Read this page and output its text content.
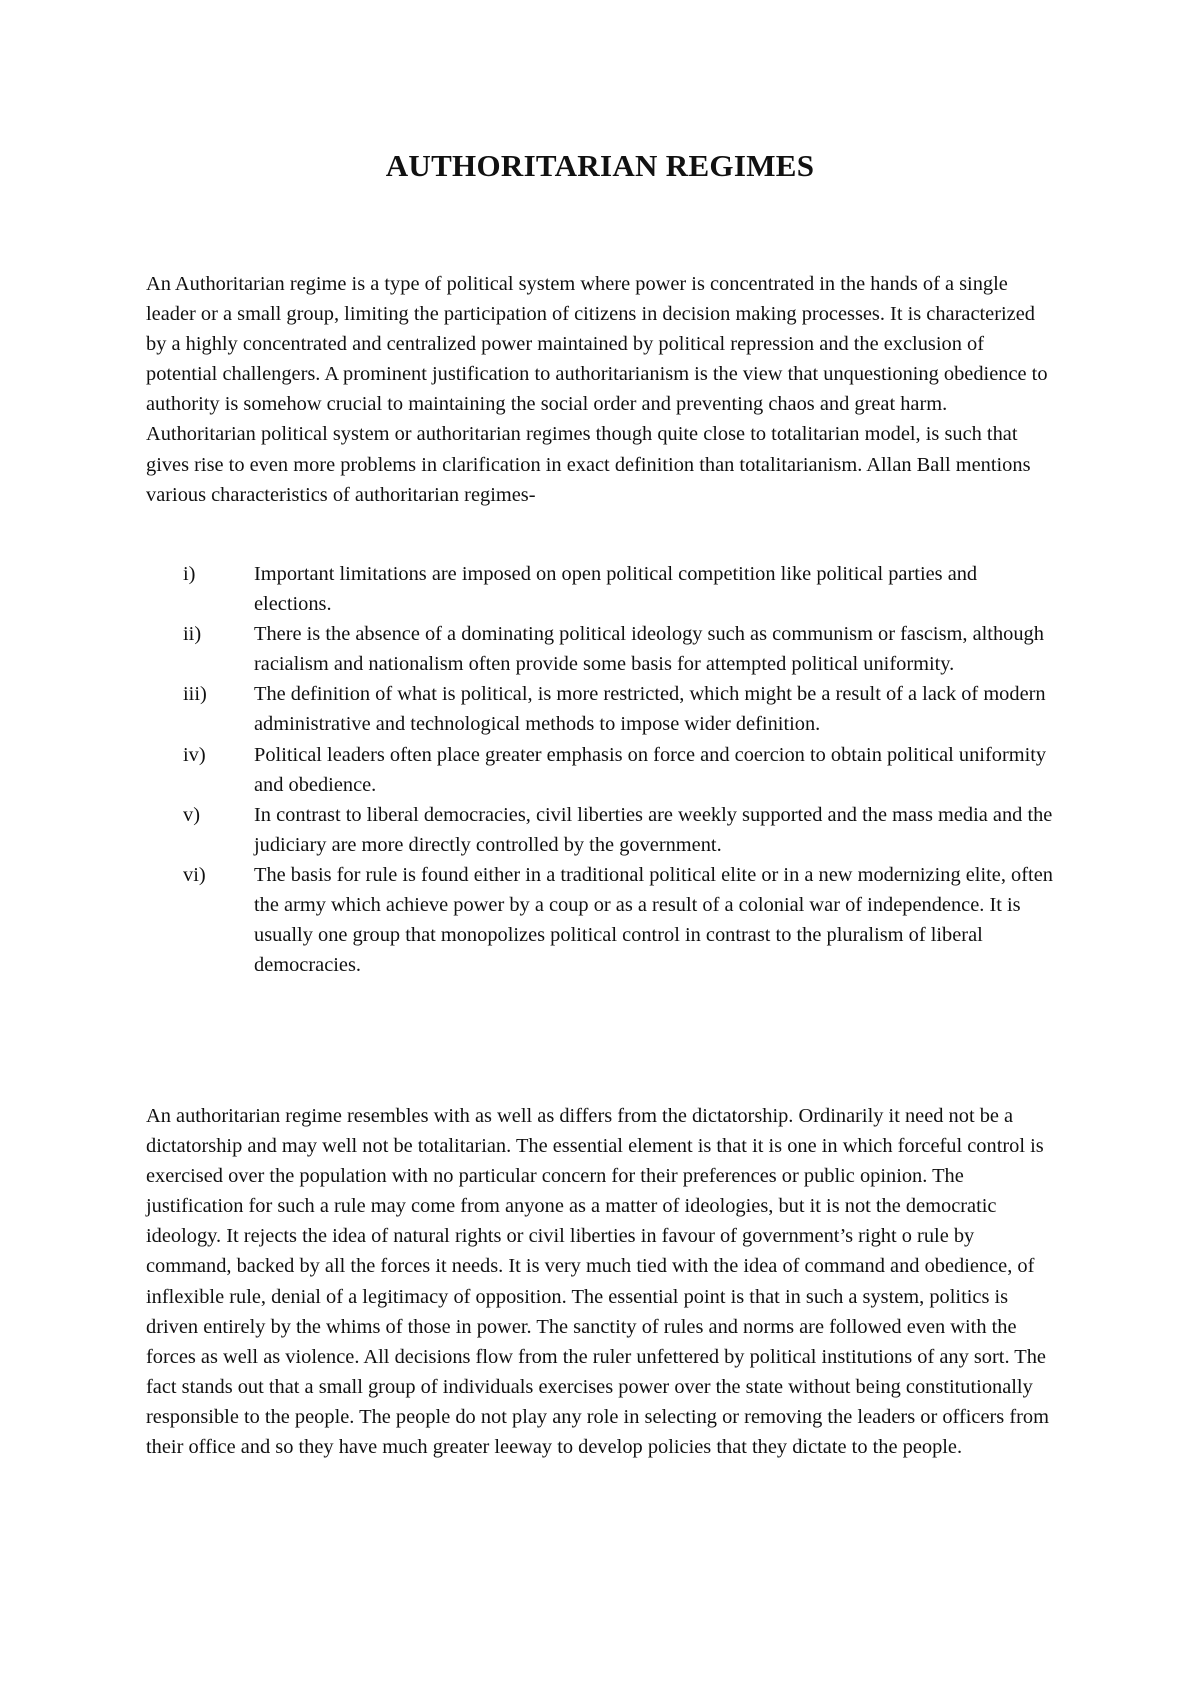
AUTHORITARIAN REGIMES

An Authoritarian regime is a type of political system where power is concentrated in the hands of a single leader or a small group, limiting the participation of citizens in decision making processes. It is characterized by a highly concentrated and centralized power maintained by political repression and the exclusion of potential challengers. A prominent justification to authoritarianism is the view that unquestioning obedience to authority is somehow crucial to maintaining the social order and preventing chaos and great harm. Authoritarian political system or authoritarian regimes though quite close to totalitarian model, is such that gives rise to even more problems in clarification in exact definition than totalitarianism. Allan Ball mentions various characteristics of authoritarian regimes-

i)	Important limitations are imposed on open political competition like political parties and elections.
ii)	There is the absence of a dominating political ideology such as communism or fascism, although racialism and nationalism often provide some basis for attempted political uniformity.
iii)	The definition of what is political, is more restricted, which might be a result of a lack of modern administrative and technological methods to impose wider definition.
iv)	Political leaders often place greater emphasis on force and coercion to obtain political uniformity and obedience.
v)	In contrast to liberal democracies, civil liberties are weekly supported and the mass media and the judiciary are more directly controlled by the government.
vi)	The basis for rule is found either in a traditional political elite or in a new modernizing elite, often the army which achieve power by a coup or as a result of a colonial war of independence. It is usually one group that monopolizes political control in contrast to the pluralism of liberal democracies.

An authoritarian regime resembles with as well as differs from the dictatorship. Ordinarily it need not be a dictatorship and may well not be totalitarian. The essential element is that it is one in which forceful control is exercised over the population with no particular concern for their preferences or public opinion. The justification for such a rule may come from anyone as a matter of ideologies, but it is not the democratic ideology. It rejects the idea of natural rights or civil liberties in favour of government’s right o rule by command, backed by all the forces it needs. It is very much tied with the idea of command and obedience, of inflexible rule, denial of a legitimacy of opposition. The essential point is that in such a system, politics is driven entirely by the whims of those in power. The sanctity of rules and norms are followed even with the forces as well as violence. All decisions flow from the ruler unfettered by political institutions of any sort. The fact stands out that a small group of individuals exercises power over the state without being constitutionally responsible to the people. The people do not play any role in selecting or removing the leaders or officers from their office and so they have much greater leeway to develop policies that they dictate to the people.
